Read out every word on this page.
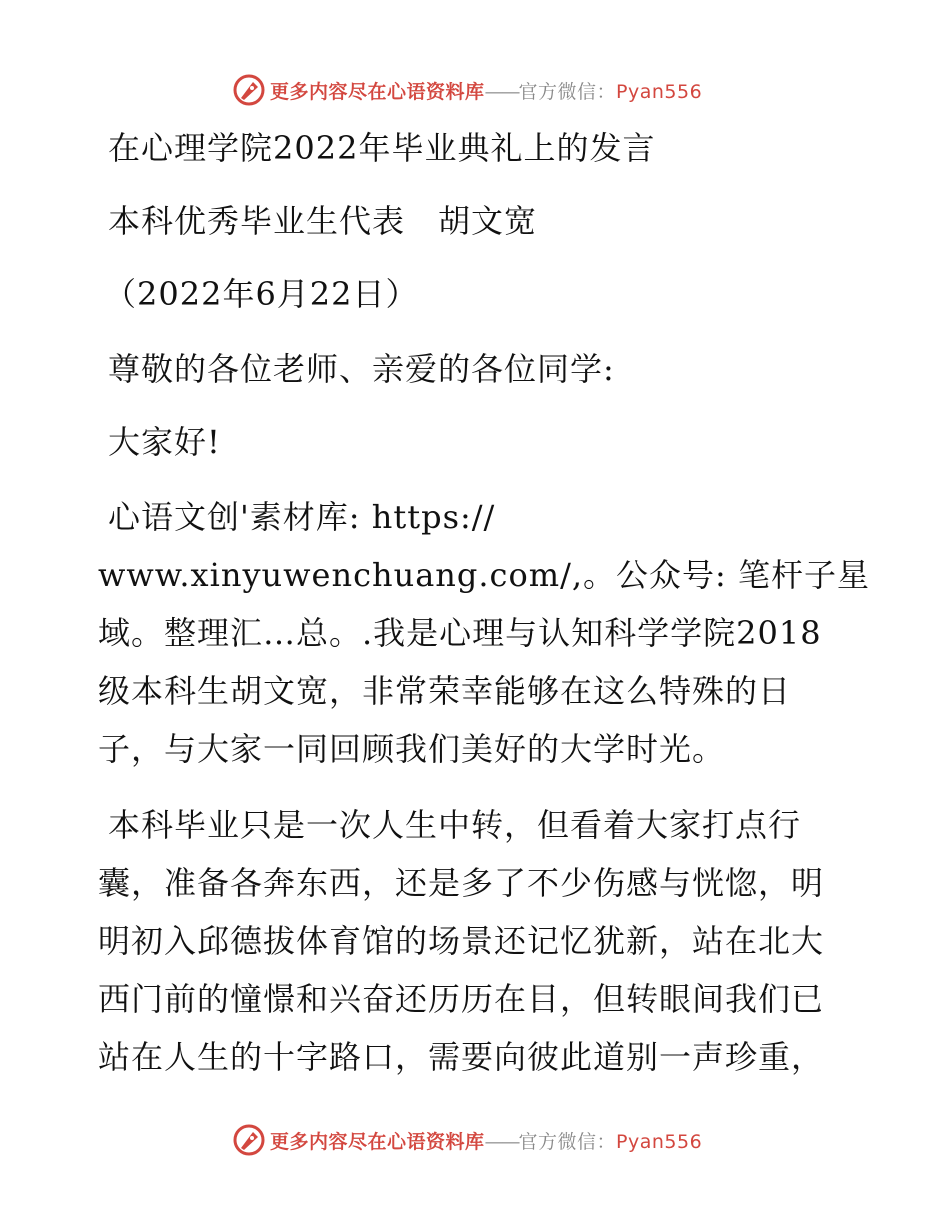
更多内容尽在心语资料库——官方微信：Pyan556
在心理学院2022年毕业典礼上的发言
本科优秀毕业生代表　胡文宽
（2022年6月22日）
尊敬的各位老师、亲爱的各位同学:
大家好!
心语文创'素材库: https://
www.xinyuwenchuang.com/,。公众号: 笔杆子星
域。整理汇…总。.我是心理与认知科学学院2018
级本科生胡文宽，非常荣幸能够在这么特殊的日
子，与大家一同回顾我们美好的大学时光。
本科毕业只是一次人生中转，但看着大家打点行
囊，准备各奔东西，还是多了不少伤感与恍惚，明
明初入邱德拔体育馆的场景还记忆犹新，站在北大
西门前的憧憬和兴奋还历历在目，但转眼间我们已
站在人生的十字路口，需要向彼此道别一声珍重，
更多内容尽在心语资料库——官方微信：Pyan556
